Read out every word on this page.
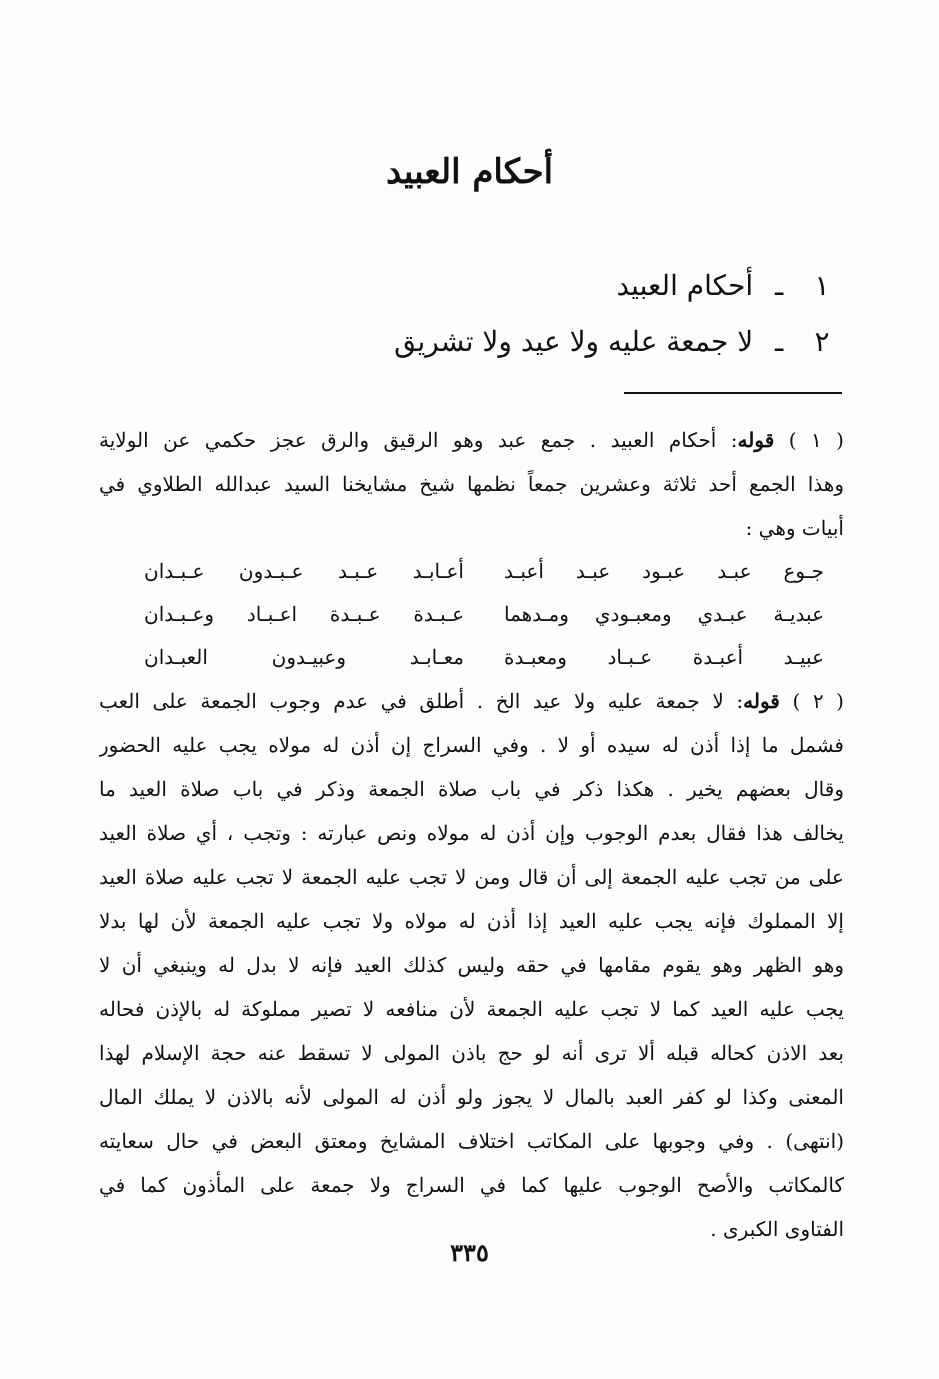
أحكام العبيد
١ ـ أحكام العبيد
٢ ـ لا جمعة عليه ولا عيد ولا تشريق
( ١ ) قوله: أحكام العبيد . جمع عبد وهو الرقيق والرق عجز حكمي عن الولاية
وهذا الجمع أحد ثلاثة وعشرين جمعاً نظمها شيخ مشايخنا السيد عبدالله الطلاوي في
أبيات وهي :
جـوع عبـد عبـود عبـد أعبـد
أعـابـد عـبـد عـبـدون عـبـدان
عبديـة عبـدي ومعبـودي ومـدهما
عـبـدة عـبـدة اعـبـاد وعـبـدان
عبيـد أعبـدة عـبـاد ومعبـدة
معـابـد وعبيـدون العبـدان
( ٢ ) قوله: لا جمعة عليه ولا عيد الخ . أطلق في عدم وجوب الجمعة على العب
فشمل ما إذا أذن له سيده أو لا . وفي السراج إن أذن له مولاه يجب عليه الحضور
وقال بعضهم يخير . هكذا ذكر في باب صلاة الجمعة وذكر في باب صلاة العيد ما
يخالف هذا فقال بعدم الوجوب وإن أذن له مولاه ونص عبارته : وتجب ، أي صلاة العيد
على من تجب عليه الجمعة إلى أن قال ومن لا تجب عليه الجمعة لا تجب عليه صلاة العيد
إلا المملوك فإنه يجب عليه العيد إذا أذن له مولاه ولا تجب عليه الجمعة لأن لها بدلا
وهو الظهر وهو يقوم مقامها في حقه وليس كذلك العيد فإنه لا بدل له وينبغي أن لا
يجب عليه العيد كما لا تجب عليه الجمعة لأن منافعه لا تصير مملوكة له بالإذن فحاله
بعد الاذن كحاله قبله ألا ترى أنه لو حج باذن المولى لا تسقط عنه حجة الإسلام لهذا
المعنى وكذا لو كفر العبد بالمال لا يجوز ولو أذن له المولى لأنه بالاذن لا يملك المال
(انتهى) . وفي وجوبها على المكاتب اختلاف المشايخ ومعتق البعض في حال سعايته
كالمكاتب والأصح الوجوب عليها كما في السراج ولا جمعة على المأذون كما في
الفتاوى الكبرى .
٣٣٥
